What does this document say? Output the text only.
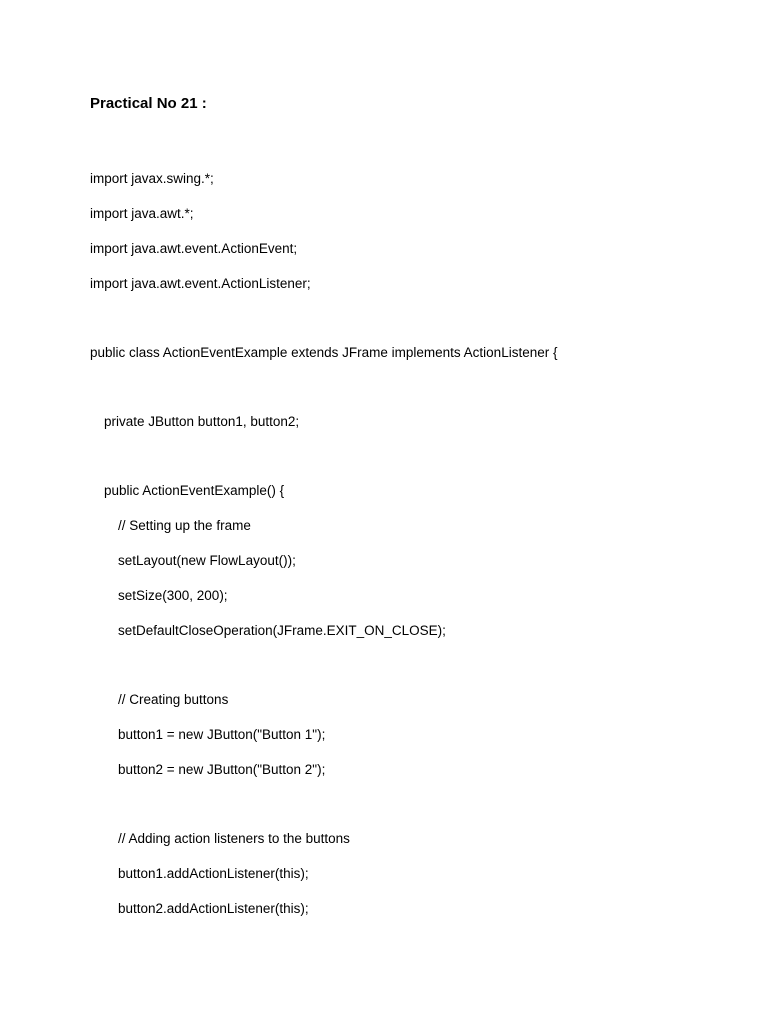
Practical No 21 :
import javax.swing.*;
import java.awt.*;
import java.awt.event.ActionEvent;
import java.awt.event.ActionListener;
public class ActionEventExample extends JFrame implements ActionListener {
private JButton button1, button2;
public ActionEventExample() {
// Setting up the frame
setLayout(new FlowLayout());
setSize(300, 200);
setDefaultCloseOperation(JFrame.EXIT_ON_CLOSE);
// Creating buttons
button1 = new JButton("Button 1");
button2 = new JButton("Button 2");
// Adding action listeners to the buttons
button1.addActionListener(this);
button2.addActionListener(this);
